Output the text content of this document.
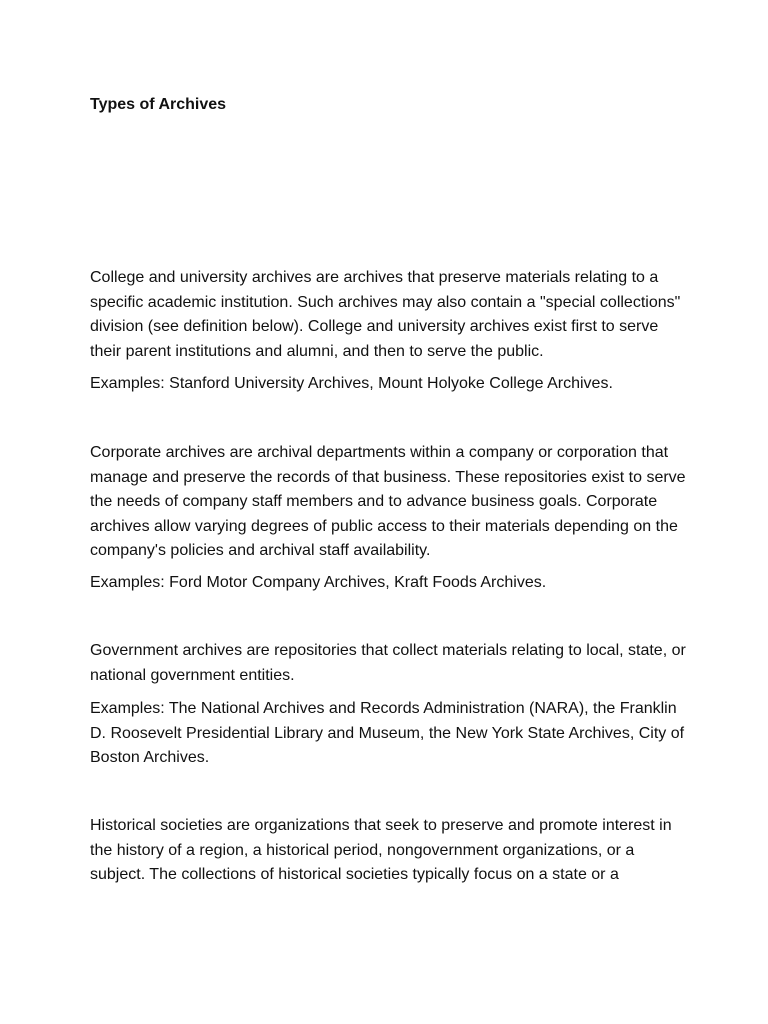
Types of Archives

College and university archives are archives that preserve materials relating to a specific academic institution. Such archives may also contain a "special collections" division (see definition below). College and university archives exist first to serve their parent institutions and alumni, and then to serve the public.

Examples: Stanford University Archives, Mount Holyoke College Archives.

Corporate archives are archival departments within a company or corporation that manage and preserve the records of that business. These repositories exist to serve the needs of company staff members and to advance business goals. Corporate archives allow varying degrees of public access to their materials depending on the company's policies and archival staff availability.

Examples: Ford Motor Company Archives, Kraft Foods Archives.

Government archives are repositories that collect materials relating to local, state, or national government entities.

Examples: The National Archives and Records Administration (NARA), the Franklin D. Roosevelt Presidential Library and Museum, the New York State Archives, City of Boston Archives.

Historical societies are organizations that seek to preserve and promote interest in the history of a region, a historical period, nongovernment organizations, or a subject. The collections of historical societies typically focus on a state or a
